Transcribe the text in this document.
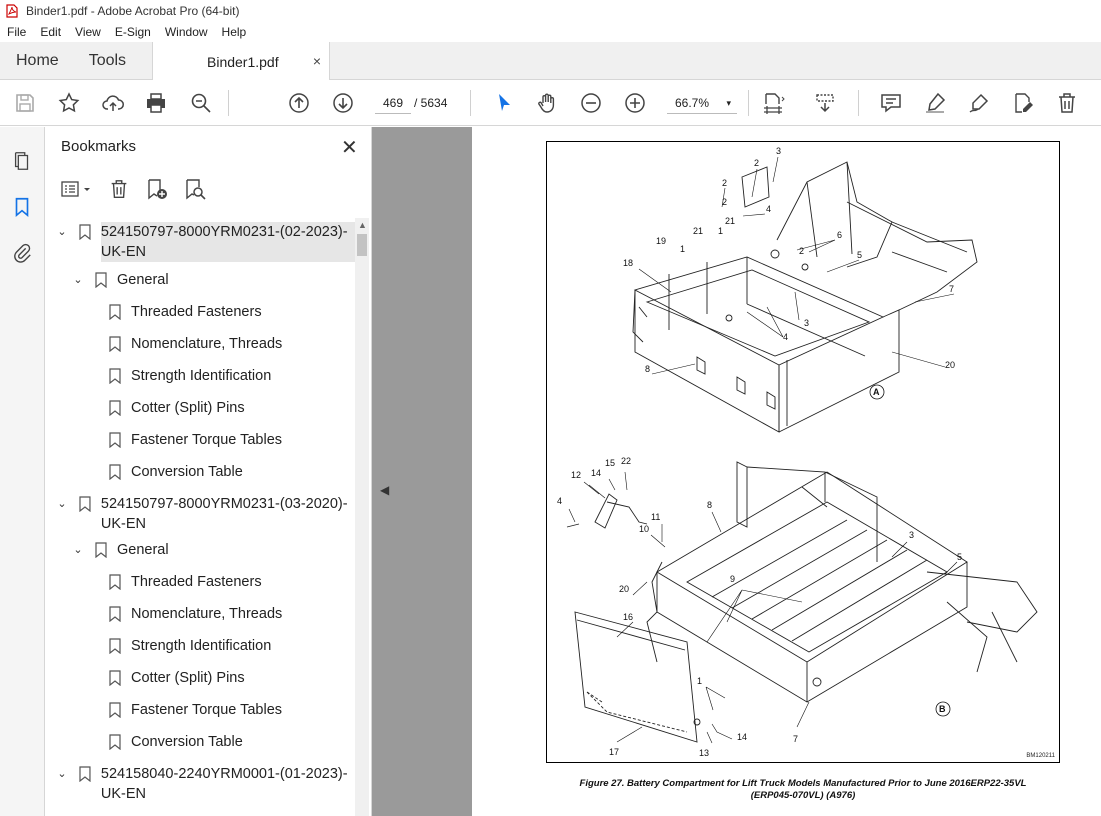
Binder1.pdf - Adobe Acrobat Pro (64-bit)
File	Edit	View	E-Sign	Window	Help
Home	Tools	Binder1.pdf ×
469 / 5634	66.7% ▾
Bookmarks	✕
⌄ 524150797-8000YRM0231-(02-2023)-UK-EN
⌄ General
Threaded Fasteners
Nomenclature, Threads
Strength Identification
Cotter (Split) Pins
Fastener Torque Tables
Conversion Table
⌄ 524150797-8000YRM0231-(03-2020)-UK-EN
⌄ General
Threaded Fasteners
Nomenclature, Threads
Strength Identification
Cotter (Split) Pins
Fastener Torque Tables
Conversion Table
⌄ 524158040-2240YRM0001-(01-2023)-UK-EN
▲
◀
3
2
2
4
2
21
6
21 1
19
1	2	5
18
7
3
4
8	20
A
12 14
15 22
4	8
11
10
3
5
20
9
16
1
B
7
14
13
17	BM120211
Figure 27. Battery Compartment for Lift Truck Models Manufactured Prior to June 2016ERP22-35VL
(ERP045-070VL) (A976)
